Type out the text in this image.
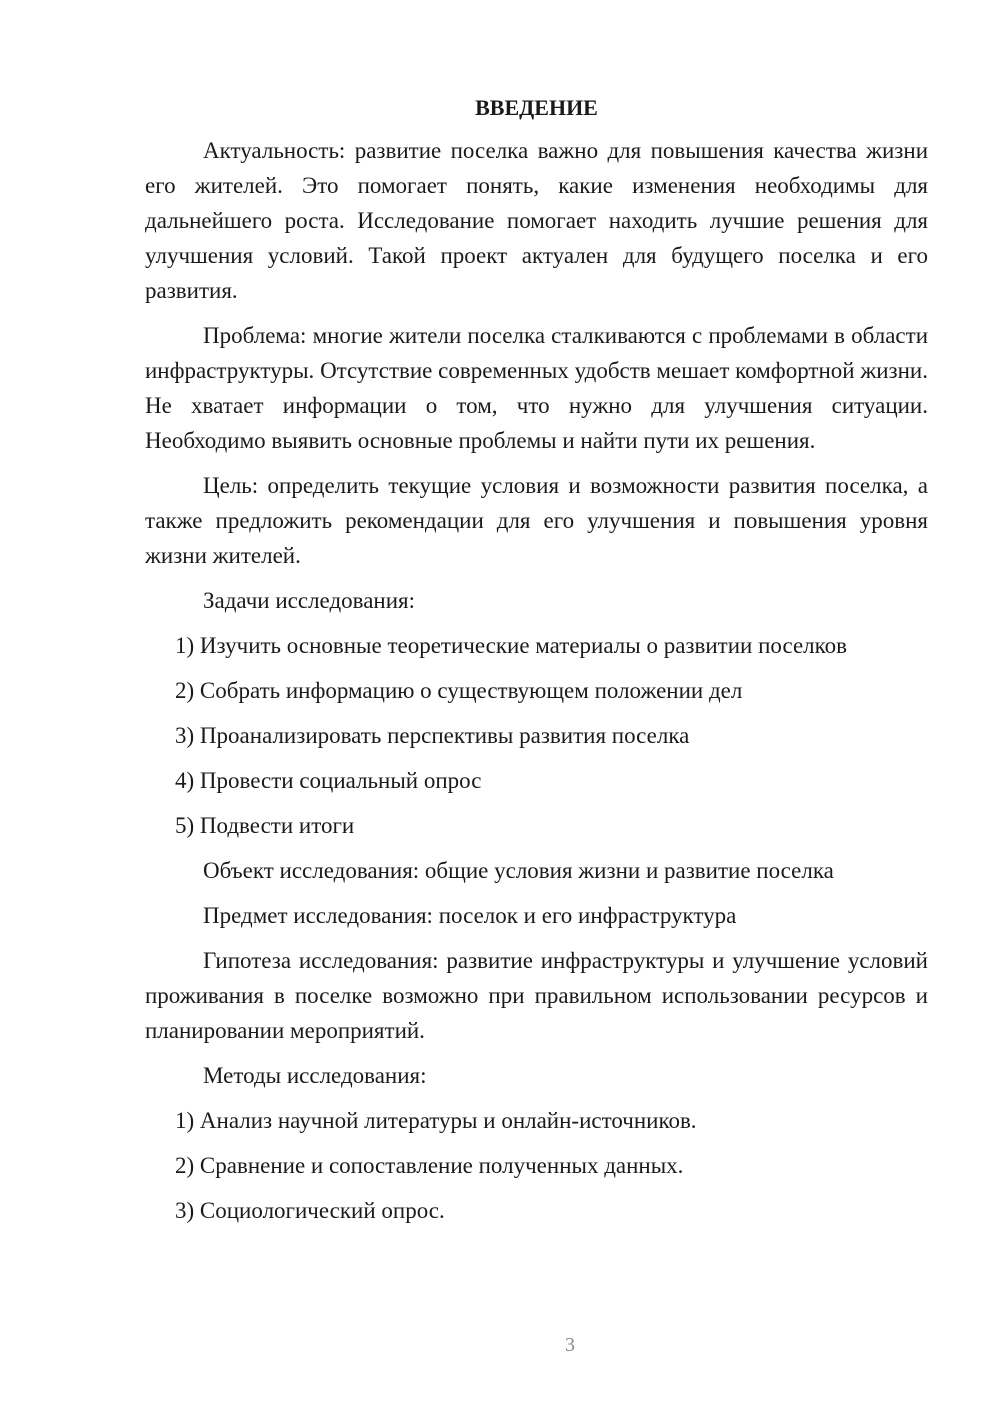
ВВЕДЕНИЕ

Актуальность: развитие поселка важно для повышения качества жизни его жителей. Это помогает понять, какие изменения необходимы для дальнейшего роста. Исследование помогает находить лучшие решения для улучшения условий. Такой проект актуален для будущего поселка и его развития.

Проблема: многие жители поселка сталкиваются с проблемами в области инфраструктуры. Отсутствие современных удобств мешает комфортной жизни. Не хватает информации о том, что нужно для улучшения ситуации. Необходимо выявить основные проблемы и найти пути их решения.

Цель: определить текущие условия и возможности развития поселка, а также предложить рекомендации для его улучшения и повышения уровня жизни жителей.

Задачи исследования:

1) Изучить основные теоретические материалы о развитии поселков
2) Собрать информацию о существующем положении дел
3) Проанализировать перспективы развития поселка
4) Провести социальный опрос
5) Подвести итоги

Объект исследования: общие условия жизни и развитие поселка

Предмет исследования: поселок и его инфраструктура

Гипотеза исследования: развитие инфраструктуры и улучшение условий проживания в поселке возможно при правильном использовании ресурсов и планировании мероприятий.

Методы исследования:

1) Анализ научной литературы и онлайн-источников.
2) Сравнение и сопоставление полученных данных.
3) Социологический опрос.
3
